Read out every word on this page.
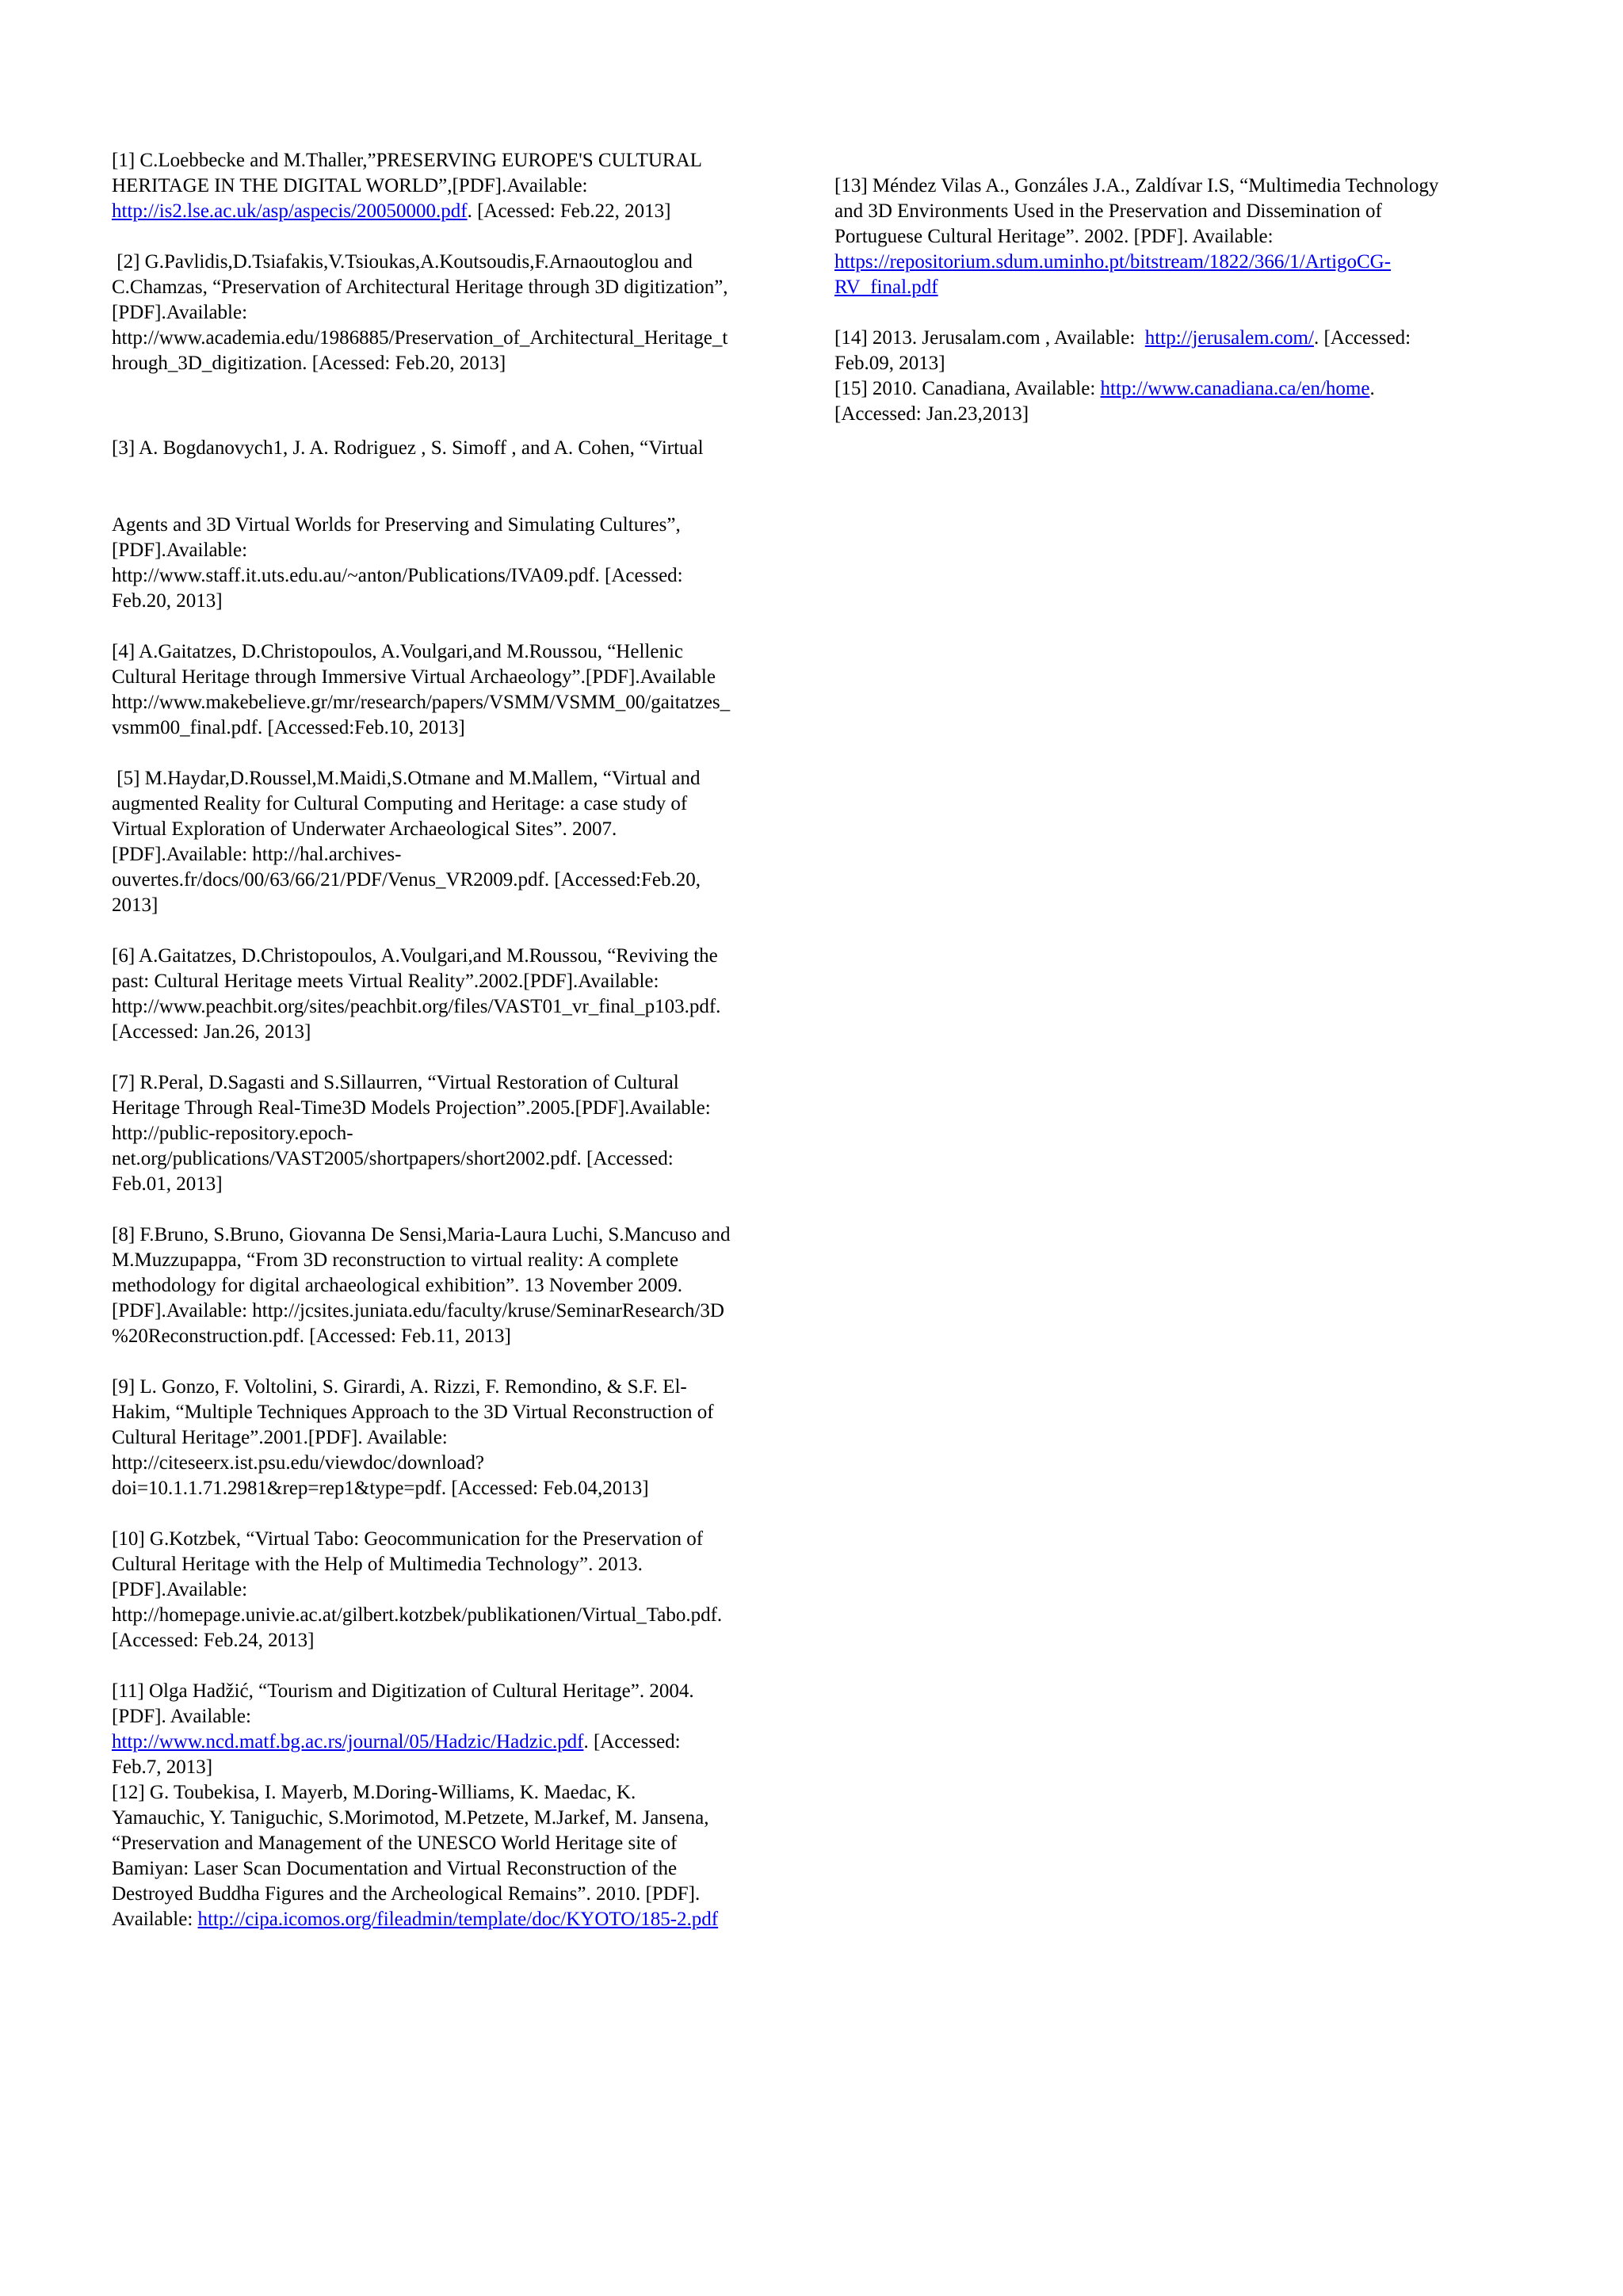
[1] C.Loebbecke and M.Thaller,”PRESERVING EUROPE'S CULTURAL
HERITAGE IN THE DIGITAL WORLD”,[PDF].Available:
http://is2.lse.ac.uk/asp/aspecis/20050000.pdf. [Acessed: Feb.22, 2013]
[2] G.Pavlidis,D.Tsiafakis,V.Tsioukas,A.Koutsoudis,F.Arnaoutoglou and
C.Chamzas, “Preservation of Architectural Heritage through 3D digitization”,
[PDF].Available:
http://www.academia.edu/1986885/Preservation_of_Architectural_Heritage_t
hrough_3D_digitization. [Acessed: Feb.20, 2013]
[3] A. Bogdanovych1, J. A. Rodriguez , S. Simoff , and A. Cohen, “Virtual
Agents and 3D Virtual Worlds for Preserving and Simulating Cultures”,
[PDF].Available:
http://www.staff.it.uts.edu.au/~anton/Publications/IVA09.pdf. [Acessed:
Feb.20, 2013]
[4] A.Gaitatzes, D.Christopoulos, A.Voulgari,and M.Roussou, “Hellenic
Cultural Heritage through Immersive Virtual Archaeology”.[PDF].Available
http://www.makebelieve.gr/mr/research/papers/VSMM/VSMM_00/gaitatzes_
vsmm00_final.pdf. [Accessed:Feb.10, 2013]
[5] M.Haydar,D.Roussel,M.Maidi,S.Otmane and M.Mallem, “Virtual and
augmented Reality for Cultural Computing and Heritage: a case study of
Virtual Exploration of Underwater Archaeological Sites”. 2007.
[PDF].Available: http://hal.archives-
ouvertes.fr/docs/00/63/66/21/PDF/Venus_VR2009.pdf. [Accessed:Feb.20,
2013]
[6] A.Gaitatzes, D.Christopoulos, A.Voulgari,and M.Roussou, “Reviving the
past: Cultural Heritage meets Virtual Reality”.2002.[PDF].Available:
http://www.peachbit.org/sites/peachbit.org/files/VAST01_vr_final_p103.pdf.
[Accessed: Jan.26, 2013]
[7] R.Peral, D.Sagasti and S.Sillaurren, “Virtual Restoration of Cultural
Heritage Through Real-Time3D Models Projection”.2005.[PDF].Available:
http://public-repository.epoch-
net.org/publications/VAST2005/shortpapers/short2002.pdf. [Accessed:
Feb.01, 2013]
[8] F.Bruno, S.Bruno, Giovanna De Sensi,Maria-Laura Luchi, S.Mancuso and
M.Muzzupappa, “From 3D reconstruction to virtual reality: A complete
methodology for digital archaeological exhibition”. 13 November 2009.
[PDF].Available: http://jcsites.juniata.edu/faculty/kruse/SeminarResearch/3D
%20Reconstruction.pdf. [Accessed: Feb.11, 2013]
[9] L. Gonzo, F. Voltolini, S. Girardi, A. Rizzi, F. Remondino, & S.F. El-
Hakim, “Multiple Techniques Approach to the 3D Virtual Reconstruction of
Cultural Heritage”.2001.[PDF]. Available:
http://citeseerx.ist.psu.edu/viewdoc/download?
doi=10.1.1.71.2981&rep=rep1&type=pdf. [Accessed: Feb.04,2013]
[10] G.Kotzbek, “Virtual Tabo: Geocommunication for the Preservation of
Cultural Heritage with the Help of Multimedia Technology”. 2013.
[PDF].Available:
http://homepage.univie.ac.at/gilbert.kotzbek/publikationen/Virtual_Tabo.pdf.
[Accessed: Feb.24, 2013]
[11] Olga Hadžić, “Tourism and Digitization of Cultural Heritage”. 2004.
[PDF]. Available:
http://www.ncd.matf.bg.ac.rs/journal/05/Hadzic/Hadzic.pdf. [Accessed:
Feb.7, 2013]
[12] G. Toubekisa, I. Mayerb, M.Doring-Williams, K. Maedac, K.
Yamauchic, Y. Taniguchic, S.Morimotod, M.Petzete, M.Jarkef, M. Jansena,
“Preservation and Management of the UNESCO World Heritage site of
Bamiyan: Laser Scan Documentation and Virtual Reconstruction of the
Destroyed Buddha Figures and the Archeological Remains”. 2010. [PDF].
Available: http://cipa.icomos.org/fileadmin/template/doc/KYOTO/185-2.pdf
[13] Méndez Vilas A., Gonzáles J.A., Zaldívar I.S, “Multimedia Technology
and 3D Environments Used in the Preservation and Dissemination of
Portuguese Cultural Heritage”. 2002. [PDF]. Available:
https://repositorium.sdum.uminho.pt/bitstream/1822/366/1/ArtigoCG-
RV_final.pdf
[14] 2013. Jerusalam.com , Available:  http://jerusalem.com/. [Accessed:
Feb.09, 2013]
[15] 2010. Canadiana, Available: http://www.canadiana.ca/en/home.
[Accessed: Jan.23,2013]
